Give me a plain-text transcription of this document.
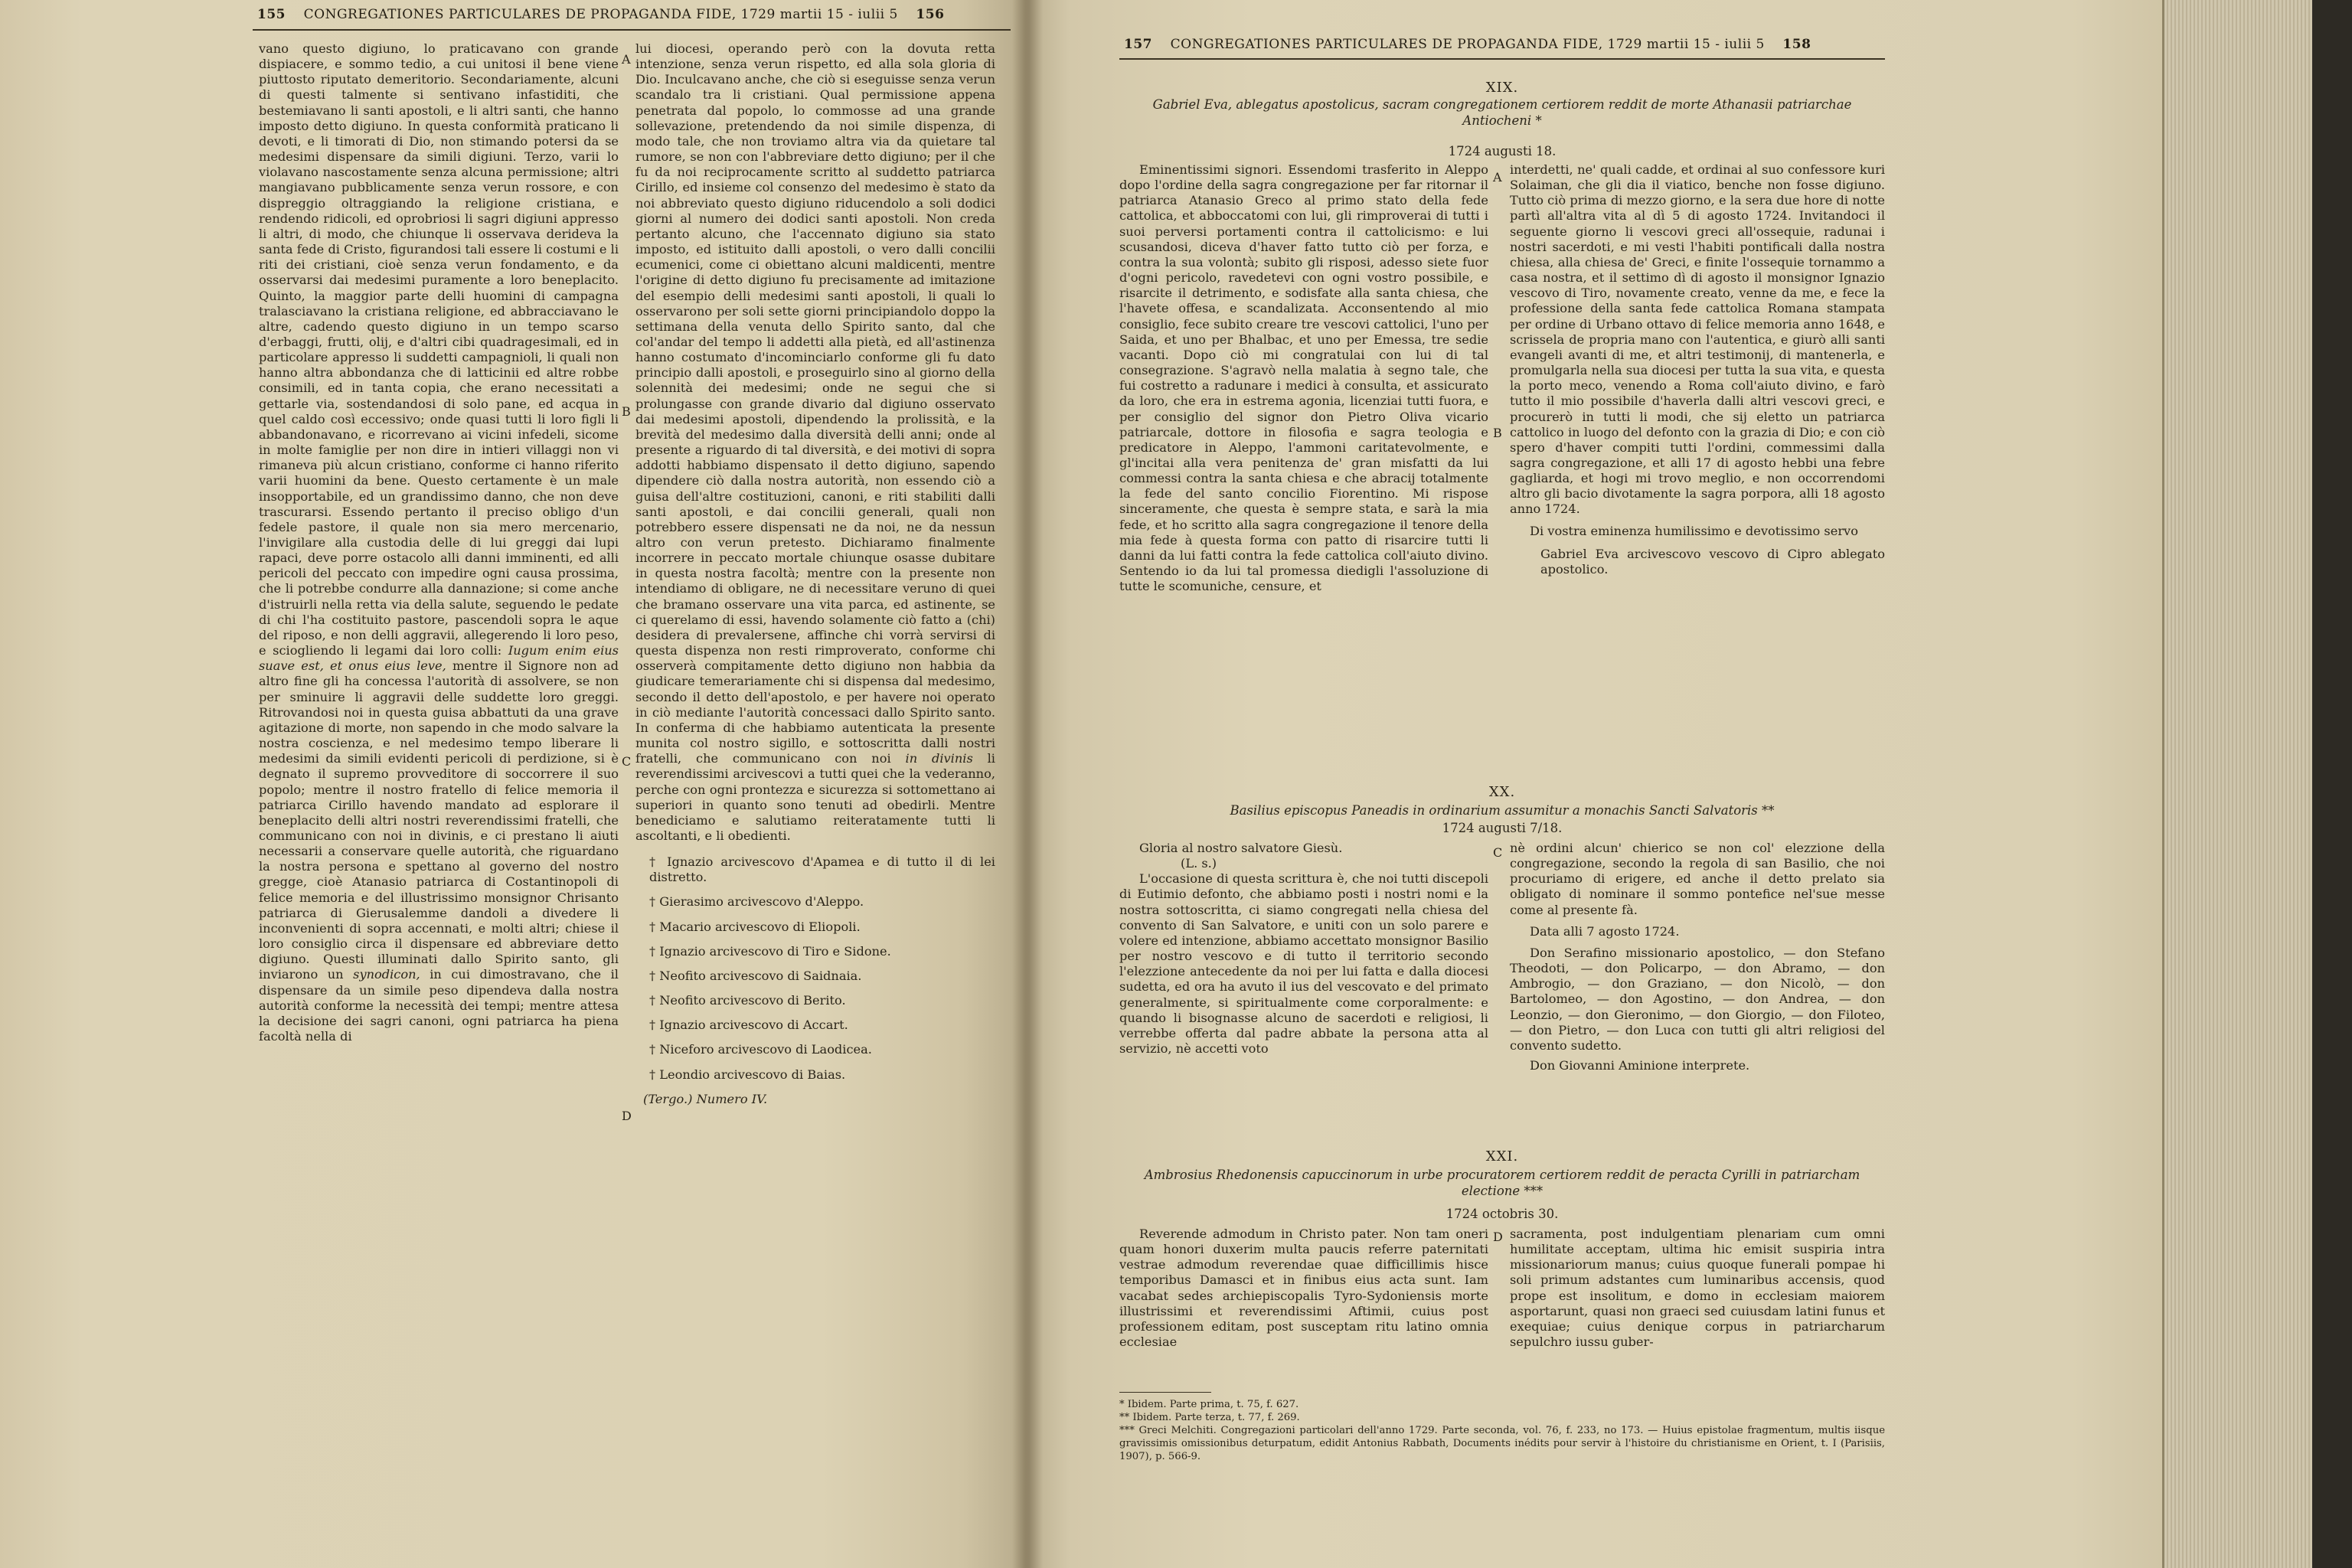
155 CONGREGATIONES PARTICULARES DE PROPAGANDA FIDE, 1729 martii 15 - iulii 5 156

vano questo digiuno, lo praticavano con grande dispiacere, e sommo tedio, a cui unitosi il bene viene piuttosto riputato demeritorio. Secondariamente, alcuni di questi talmente si sentivano infastiditi, che bestemiavano li santi apostoli, e li altri santi, che hanno imposto detto digiuno. In questa conformità praticano li devoti, e li timorati di Dio, non stimando potersi da se medesimi dispensare da simili digiuni. Terzo, varii lo violavano nascostamente senza alcuna permissione; altri mangiavano pubblicamente senza verun rossore, e con dispreggio oltraggiando la religione cristiana, e rendendo ridicoli, ed oprobriosi li sagri digiuni appresso li altri, di modo, che chiunque li osservava derideva la santa fede di Cristo, figurandosi tali essere li costumi e li riti dei cristiani, cioè senza verun fondamento, e da osservarsi dai medesimi puramente a loro beneplacito. Quinto, la maggior parte delli huomini di campagna tralasciavano la cristiana religione, ed abbracciavano le altre, cadendo questo digiuno in un tempo scarso d'erbaggi, frutti, olij, e d'altri cibi quadragesimali, ed in particolare appresso li suddetti campagnioli, li quali non hanno altra abbondanza che di latticinii ed altre robbe consimili, ed in tanta copia, che erano necessitati a gettarle via, sostendandosi di solo pane, ed acqua in quel caldo così eccessivo; onde quasi tutti li loro figli li abbandonavano, e ricorrevano ai vicini infedeli, sicome in molte famiglie per non dire in intieri villaggi non vi rimaneva più alcun cristiano, conforme ci hanno riferito varii huomini da bene. Questo certamente è un male insopportabile, ed un grandissimo danno, che non deve trascurarsi. Essendo pertanto il preciso obligo d'un fedele pastore, il quale non sia mero mercenario, l'invigilare alla custodia delle di lui greggi dai lupi rapaci, deve porre ostacolo alli danni imminenti, ed alli pericoli del peccato con impedire ogni causa prossima, che li potrebbe condurre alla dannazione; si come anche d'istruirli nella retta via della salute, seguendo le pedate di chi l'ha costituito pastore, pascendoli sopra le aque del riposo, e non delli aggravii, allegerendo li loro peso, e sciogliendo li legami dai loro colli: Iugum enim eius suave est, et onus eius leve, mentre il Signore non ad altro fine gli ha concessa l'autorità di assolvere, se non per sminuire li aggravii delle suddette loro greggi. Ritrovandosi noi in questa guisa abbattuti da una grave agitazione di morte, non sapendo in che modo salvare la nostra coscienza, e nel medesimo tempo liberare li medesimi da simili evidenti pericoli di perdizione, si è degnato il supremo provveditore di soccorrere il suo popolo; mentre il nostro fratello di felice memoria il patriarca Cirillo havendo mandato ad esplorare il beneplacito delli altri nostri reverendissimi fratelli, che communicano con noi in divinis, e ci prestano li aiuti necessarii a conservare quelle autorità, che riguardano la nostra persona e spettano al governo del nostro gregge, cioè Atanasio patriarca di Costantinopoli di felice memoria e del illustrissimo monsignor Chrisanto patriarca di Gierusalemme dandoli a divedere li inconvenienti di sopra accennati, e molti altri; chiese il loro consiglio circa il dispensare ed abbreviare detto digiuno. Questi illuminati dallo Spirito santo, gli inviarono un synodicon, in cui dimostravano, che il dispensare da un simile peso dipendeva dalla nostra autorità conforme la necessità dei tempi; mentre attesa la decisione dei sagri canoni, ogni patriarca ha piena facoltà nella di

A
B
C
D

lui diocesi, operando però con la dovuta retta intenzione, senza verun rispetto, ed alla sola gloria di Dio. Inculcavano anche, che ciò si eseguisse senza verun scandalo tra li cristiani. Qual permissione appena penetrata dal popolo, lo commosse ad una grande sollevazione, pretendendo da noi simile dispenza, di modo tale, che non troviamo altra via da quietare tal rumore, se non con l'abbreviare detto digiuno; per il che fu da noi reciprocamente scritto al suddetto patriarca Cirillo, ed insieme col consenzo del medesimo è stato da noi abbreviato questo digiuno riducendolo a soli dodici giorni al numero dei dodici santi apostoli. Non creda pertanto alcuno, che l'accennato digiuno sia stato imposto, ed istituito dalli apostoli, o vero dalli concilii ecumenici, come ci obiettano alcuni maldicenti, mentre l'origine di detto digiuno fu precisamente ad imitazione del esempio delli medesimi santi apostoli, li quali lo osservarono per soli sette giorni principiandolo doppo la settimana della venuta dello Spirito santo, dal che col'andar del tempo li addetti alla pietà, ed all'astinenza hanno costumato d'incominciarlo conforme gli fu dato principio dalli apostoli, e proseguirlo sino al giorno della solennità dei medesimi; onde ne segui che si prolungasse con grande divario dal digiuno osservato dai medesimi apostoli, dipendendo la prolissità, e la brevità del medesimo dalla diversità delli anni; onde al presente a riguardo di tal diversità, e dei motivi di sopra addotti habbiamo dispensato il detto digiuno, sapendo dipendere ciò dalla nostra autorità, non essendo ciò a guisa dell'altre costituzioni, canoni, e riti stabiliti dalli santi apostoli, e dai concilii generali, quali non potrebbero essere dispensati ne da noi, ne da nessun altro con verun pretesto. Dichiaramo finalmente incorrere in peccato mortale chiunque osasse dubitare in questa nostra facoltà; mentre con la presente non intendiamo di obligare, ne di necessitare veruno di quei che bramano osservare una vita parca, ed astinente, se ci querelamo di essi, havendo solamente ciò fatto a (chi) desidera di prevalersene, affinche chi vorrà servirsi di questa dispenza non resti rimproverato, conforme chi osserverà compitamente detto digiuno non habbia da giudicare temerariamente chi si dispensa dal medesimo, secondo il detto dell'apostolo, e per havere noi operato in ciò mediante l'autorità concessaci dallo Spirito santo. In conferma di che habbiamo autenticata la presente munita col nostro sigillo, e sottoscritta dalli nostri fratelli, che communicano con noi in divinis li reverendissimi arcivescovi a tutti quei che la vederanno, perche con ogni prontezza e sicurezza si sottomettano ai superiori in quanto sono tenuti ad obedirli. Mentre benediciamo e salutiamo reiteratamente tutti li ascoltanti, e li obedienti.

† Ignazio arcivescovo d'Apamea e di tutto il di lei distretto.
† Gierasimo arcivescovo d'Aleppo.
† Macario arcivescovo di Eliopoli.
† Ignazio arcivescovo di Tiro e Sidone.
† Neofito arcivescovo di Saidnaia.
† Neofito arcivescovo di Berito.
† Ignazio arcivescovo di Accart.
† Niceforo arcivescovo di Laodicea.
† Leondio arcivescovo di Baias.
(Tergo.) Numero IV.
157 CONGREGATIONES PARTICULARES DE PROPAGANDA FIDE, 1729 martii 15 - iulii 5 158
XIX.
Gabriel Eva, ablegatus apostolicus, sacram congregationem certiorem reddit de morte Athanasii patriarchae Antiocheni *
1724 augusti 18.

Eminentissimi signori. Essendomi trasferito in Aleppo dopo l'ordine della sagra congregazione per far ritornar il patriarca Atanasio Greco al primo stato della fede cattolica, et abboccatomi con lui, gli rimproverai di tutti i suoi perversi portamenti contra il cattolicismo: e lui scusandosi, diceva d'haver fatto tutto ciò per forza, e contra la sua volontà; subito gli risposi, adesso siete fuor d'ogni pericolo, ravedetevi con ogni vostro possibile, e risarcite il detrimento, e sodisfate alla santa chiesa, che l'havete offesa, e scandalizata. Acconsentendo al mio consiglio, fece subito creare tre vescovi cattolici, l'uno per Saida, et uno per Bhalbac, et uno per Emessa, tre sedie vacanti. Dopo ciò mi congratulai con lui di tal consegrazione. S'agravò nella malatia à segno tale, che fui costretto a radunare i medici à consulta, et assicurato da loro, che era in estrema agonia, licenziai tutti fuora, e per consiglio del signor don Pietro Oliva vicario patriarcale, dottore in filosofia e sagra teologia e predicatore in Aleppo, l'ammoni caritatevolmente, e gl'incitai alla vera penitenza de' gran misfatti da lui commessi contra la santa chiesa e che abracij totalmente la fede del santo concilio Fiorentino. Mi rispose sinceramente, che questa è sempre stata, e sarà la mia fede, et ho scritto alla sagra congregazione il tenore della mia fede à questa forma con patto di risarcire tutti li danni da lui fatti contra la fede cattolica coll'aiuto divino. Sentendo io da lui tal promessa diedigli l'assoluzione di tutte le scomuniche, censure, et

A
B

interdetti, ne' quali cadde, et ordinai al suo confessore kuri Solaiman, che gli dia il viatico, benche non fosse digiuno. Tutto ciò prima di mezzo giorno, e la sera due hore di notte partì all'altra vita al dì 5 di agosto 1724. Invitandoci il seguente giorno li vescovi greci all'ossequie, radunai i nostri sacerdoti, e mi vesti l'habiti pontificali dalla nostra chiesa, alla chiesa de' Greci, e finite l'ossequie tornammo a casa nostra, et il settimo dì di agosto il monsignor Ignazio vescovo di Tiro, novamente creato, venne da me, e fece la professione della santa fede cattolica Romana stampata per ordine di Urbano ottavo di felice memoria anno 1648, e scrissela de propria mano con l'autentica, e giurò alli santi evangeli avanti di me, et altri testimonij, di mantenerla, e promulgarla nella sua diocesi per tutta la sua vita, e questa la porto meco, venendo a Roma coll'aiuto divino, e farò tutto il mio possibile d'haverla dalli altri vescovi greci, e procurerò in tutti li modi, che sij eletto un patriarca cattolico in luogo del defonto con la grazia di Dio; e con ciò spero d'haver compiti tutti l'ordini, commessimi dalla sagra congregazione, et alli 17 di agosto hebbi una febre gagliarda, et hogi mi trovo meglio, e non occorrendomi altro gli bacio divotamente la sagra porpora, alli 18 agosto anno 1724.

Di vostra eminenza humilissimo e devotissimo servo

Gabriel Eva arcivescovo vescovo di Cipro ablegato apostolico.

XX.
Basilius episcopus Paneadis in ordinarium assumitur a monachis Sancti Salvatoris **
1724 augusti 7/18.

Gloria al nostro salvatore Giesù.

(L. s.)

L'occasione di questa scrittura è, che noi tutti discepoli di Eutimio defonto, che abbiamo posti i nostri nomi e la nostra sottoscritta, ci siamo congregati nella chiesa del convento di San Salvatore, e uniti con un solo parere e volere ed intenzione, abbiamo accettato monsignor Basilio per nostro vescovo e di tutto il territorio secondo l'elezzione antecedente da noi per lui fatta e dalla diocesi sudetta, ed ora ha avuto il ius del vescovato e del primato generalmente, si spiritualmente come corporalmente: e quando li bisognasse alcuno de sacerdoti e religiosi, li verrebbe offerta dal padre abbate la persona atta al servizio, nè accetti voto

C nè ordini alcun' chierico se non col' elezzione della congregazione, secondo la regola di san Basilio, che noi procuriamo di erigere, ed anche il detto prelato sia obligato di nominare il sommo pontefice nel'sue messe come al presente fà.

Data alli 7 agosto 1724.

Don Serafino missionario apostolico, — don Stefano Theodoti, — don Policarpo, — don Abramo, — don Ambrogio, — don Graziano, — don Nicolò, — don Bartolomeo, — don Agostino, — don Andrea, — don Leonzio, — don Gieronimo, — don Giorgio, — don Filoteo, — don Pietro, — don Luca con tutti gli altri religiosi del convento sudetto.

Don Giovanni Aminione interprete.

XXI.
Ambrosius Rhedonensis capuccinorum in urbe procuratorem certiorem reddit de peracta Cyrilli in patriarcham electione ***
1724 octobris 30.

Reverende admodum in Christo pater. Non tam oneri quam honori duxerim multa paucis referre paternitati vestrae admodum reverendae quae difficillimis hisce temporibus Damasci et in finibus eius acta sunt. Iam vacabat sedes archiepiscopalis Tyro-Sydoniensis morte illustrissimi et reverendissimi Aftimii, cuius post professionem editam, post susceptam ritu latino omnia ecclesiae

D sacramenta, post indulgentiam plenariam cum omni humilitate acceptam, ultima hic emisit suspiria intra missionariorum manus; cuius quoque funerali pompae hi soli primum adstantes cum luminaribus accensis, quod prope est insolitum, e domo in ecclesiam maiorem asportarunt, quasi non graeci sed cuiusdam latini funus et exequiae; cuius denique corpus in patriarcharum sepulchro iussu guber-

* Ibidem. Parte prima, t. 75, f. 627.

** Ibidem. Parte terza, t. 77, f. 269.

*** Greci Melchiti. Congregazioni particolari dell'anno 1729. Parte seconda, vol. 76, f. 233, no 173. — Huius epistolae fragmentum, multis iisque gravissimis omissionibus deturpatum, edidit Antonius Rabbath, Documents inédits pour servir à l'histoire du christianisme en Orient, t. I (Parisiis, 1907), p. 566-9.
